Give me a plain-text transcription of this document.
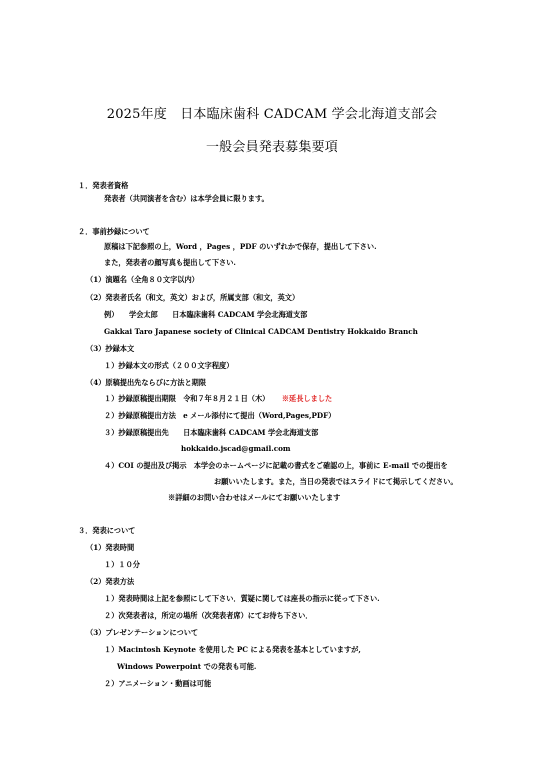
2025年度　日本臨床歯科 CADCAM 学会北海道支部会
一般会員発表募集要項
１．発表者資格
発表者（共同演者を含む）は本学会員に限ります。
２．事前抄録について
原稿は下記参照の上，Word ，Pages ，PDF のいずれかで保存，提出して下さい.
また，発表者の顔写真も提出して下さい.
（1）演題名（全角８０文字以内）
（2）発表者氏名（和文，英文）および，所属支部（和文，英文）
例） 学会太郎　　日本臨床歯科 CADCAM 学会北海道支部
Gakkai Taro Japanese society of Clinical CADCAM Dentistry Hokkaido Branch
（3）抄録本文
１）抄録本文の形式（２００文字程度）
（4）原稿提出先ならびに方法と期限
１）抄録原稿提出期限　令和７年８月２１日（木） ※延長しました
２）抄録原稿提出方法　e メール添付にて提出（Word,Pages,PDF）
３）抄録原稿提出先　　日本臨床歯科 CADCAM 学会北海道支部
hokkaido.jscad@gmail.com
４）COI の提出及び掲示　本学会のホームページに記載の書式をご確認の上，事前に E-mail での提出を
お願いいたします。また，当日の発表ではスライドにて掲示してください。
※詳細のお問い合わせはメールにてお願いいたします
３．発表について
（1）発表時間
１）１０分
（2）発表方法
１）発表時間は上記を参照にして下さい．質疑に関しては座長の指示に従って下さい.
２）次発表者は，所定の場所（次発表者席）にてお待ち下さい．
（3）プレゼンテーションについて
１）Macintosh Keynote を使用した PC による発表を基本としていますが,
Windows Powerpoint での発表も可能.
２）アニメーション・動画は可能
